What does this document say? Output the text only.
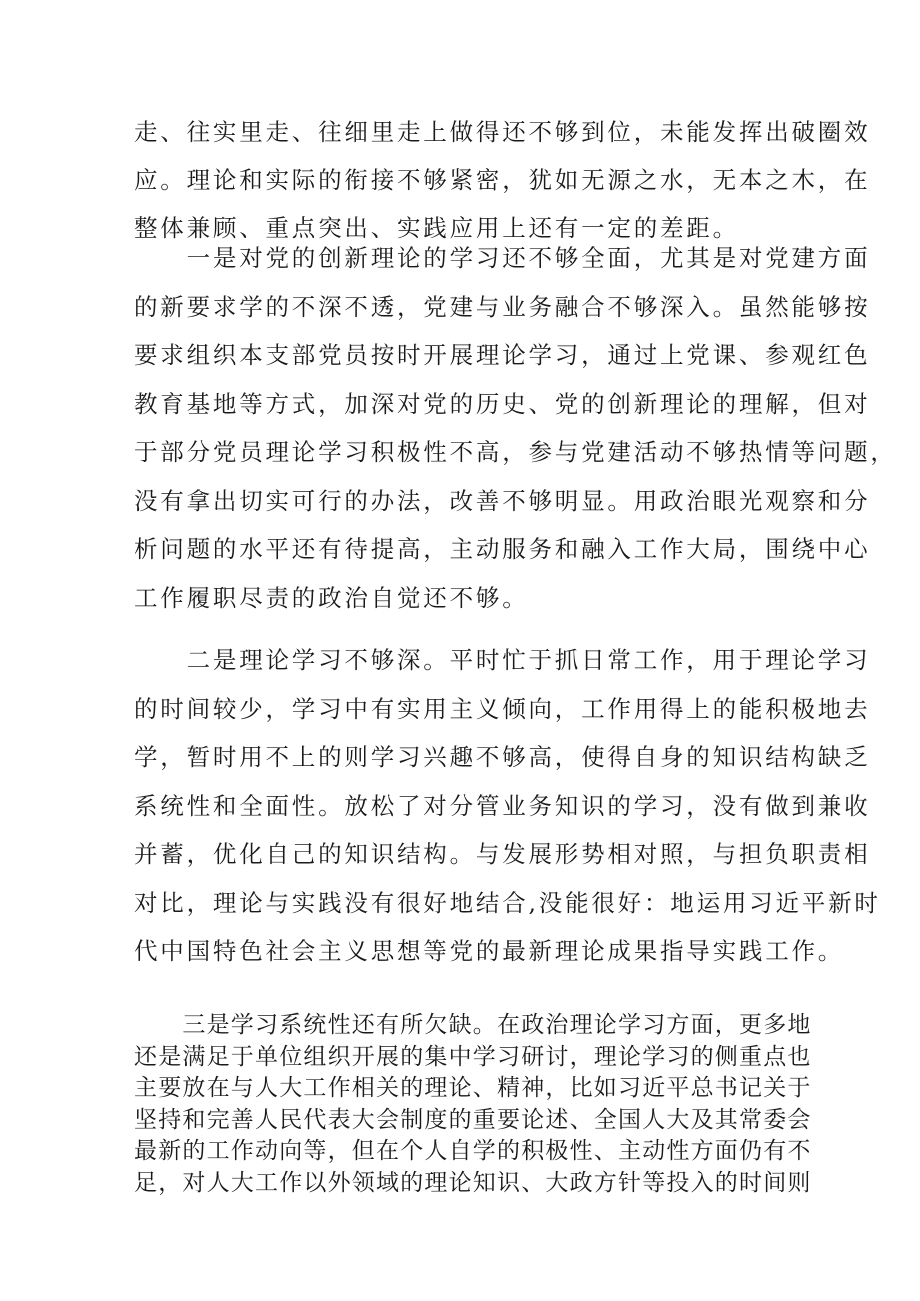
走、往实里走、往细里走上做得还不够到位，未能发挥出破圈效
应。理论和实际的衔接不够紧密，犹如无源之水，无本之木，在
整体兼顾、重点突出、实践应用上还有一定的差距。
　　一是对党的创新理论的学习还不够全面，尤其是对党建方面
的新要求学的不深不透，党建与业务融合不够深入。虽然能够按
要求组织本支部党员按时开展理论学习，通过上党课、参观红色
教育基地等方式，加深对党的历史、党的创新理论的理解，但对
于部分党员理论学习积极性不高，参与党建活动不够热情等问题，
没有拿出切实可行的办法，改善不够明显。用政治眼光观察和分
析问题的水平还有待提高，主动服务和融入工作大局，围绕中心
工作履职尽责的政治自觉还不够。
　　二是理论学习不够深。平时忙于抓日常工作，用于理论学习
的时间较少，学习中有实用主义倾向，工作用得上的能积极地去
学，暂时用不上的则学习兴趣不够高，使得自身的知识结构缺乏
系统性和全面性。放松了对分管业务知识的学习，没有做到兼收
并蓄，优化自己的知识结构。与发展形势相对照，与担负职责相
对比，理论与实践没有很好地结合,没能很好：地运用习近平新时
代中国特色社会主义思想等党的最新理论成果指导实践工作。
　　三是学习系统性还有所欠缺。在政治理论学习方面，更多地
还是满足于单位组织开展的集中学习研讨，理论学习的侧重点也
主要放在与人大工作相关的理论、精神，比如习近平总书记关于
坚持和完善人民代表大会制度的重要论述、全国人大及其常委会
最新的工作动向等，但在个人自学的积极性、主动性方面仍有不
足，对人大工作以外领域的理论知识、大政方针等投入的时间则
